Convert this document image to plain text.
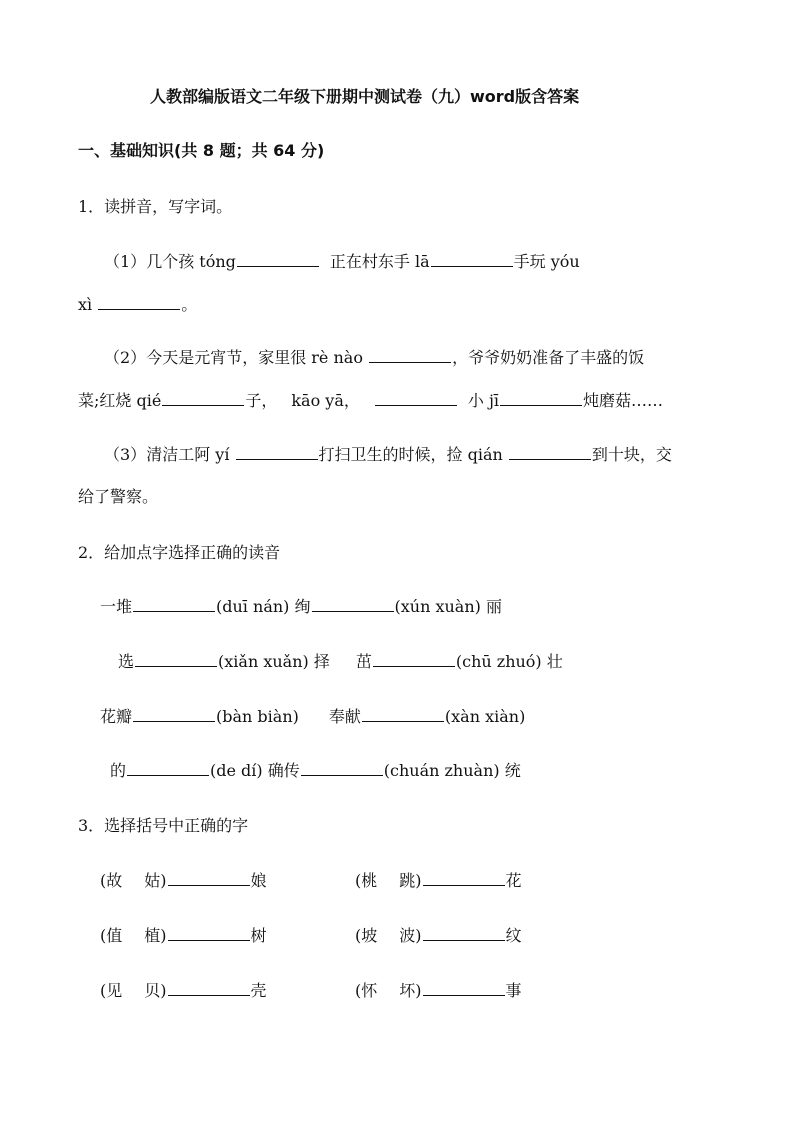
人教部编版语文二年级下册期中测试卷（九）word版含答案
一、基础知识(共 8 题；共 64 分)
1．读拼音，写字词。
（1）几个孩 tóng	正在村东手 lā	手玩 yóu
xì	。
（2）今天是元宵节，家里很 rè nào	，爷爷奶奶准备了丰盛的饭
菜;红烧 qié	子， kāo yā，	小 jī	炖磨菇……
（3）清洁工阿 yí	打扫卫生的时候，捡 qián	到十块，交
给了警察。
2．给加点字选择正确的读音
一堆	(duī nán) 绚	(xún xuàn) 丽
选	(xiǎn xuǎn) 择 茁	(chū zhuó) 壮
花瓣	(bàn biàn) 奉献	(xàn xiàn)
的	(de dí) 确传	(chuán zhuàn) 统
3．选择括号中正确的字
(故 姑)	娘	(桃 跳)	花
(值 植)	树	(坡 波)	纹
(见 贝)	壳	(怀 坏)	事
